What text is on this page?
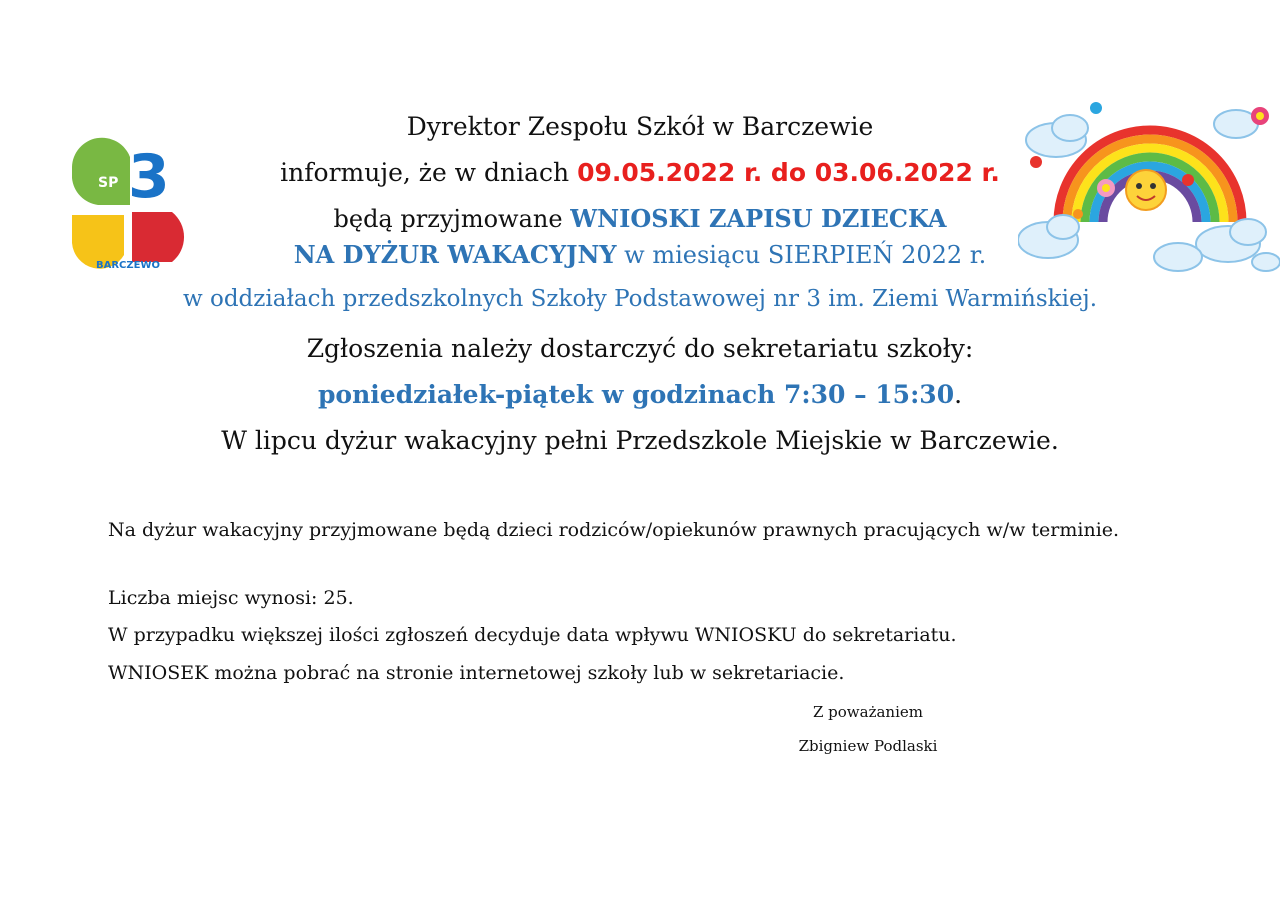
SP 3
BARCZEWO
Dyrektor Zespołu Szkół w Barczewie
informuje, że w dniach 09.05.2022 r. do 03.06.2022 r.
będą przyjmowane WNIOSKI ZAPISU DZIECKA
NA DYŻUR WAKACYJNY w miesiącu SIERPIEŃ 2022 r.
w oddziałach przedszkolnych Szkoły Podstawowej nr 3 im. Ziemi Warmińskiej.
Zgłoszenia należy dostarczyć do sekretariatu szkoły:
poniedziałek-piątek w godzinach 7:30 – 15:30.
W lipcu dyżur wakacyjny pełni Przedszkole Miejskie w Barczewie.
Na dyżur wakacyjny przyjmowane będą dzieci rodziców/opiekunów prawnych pracujących w/w terminie.
Liczba miejsc wynosi: 25.
W przypadku większej ilości zgłoszeń decyduje data wpływu WNIOSKU do sekretariatu.
WNIOSEK można pobrać na stronie internetowej szkoły lub w sekretariacie.
Z poważaniem
Zbigniew Podlaski
